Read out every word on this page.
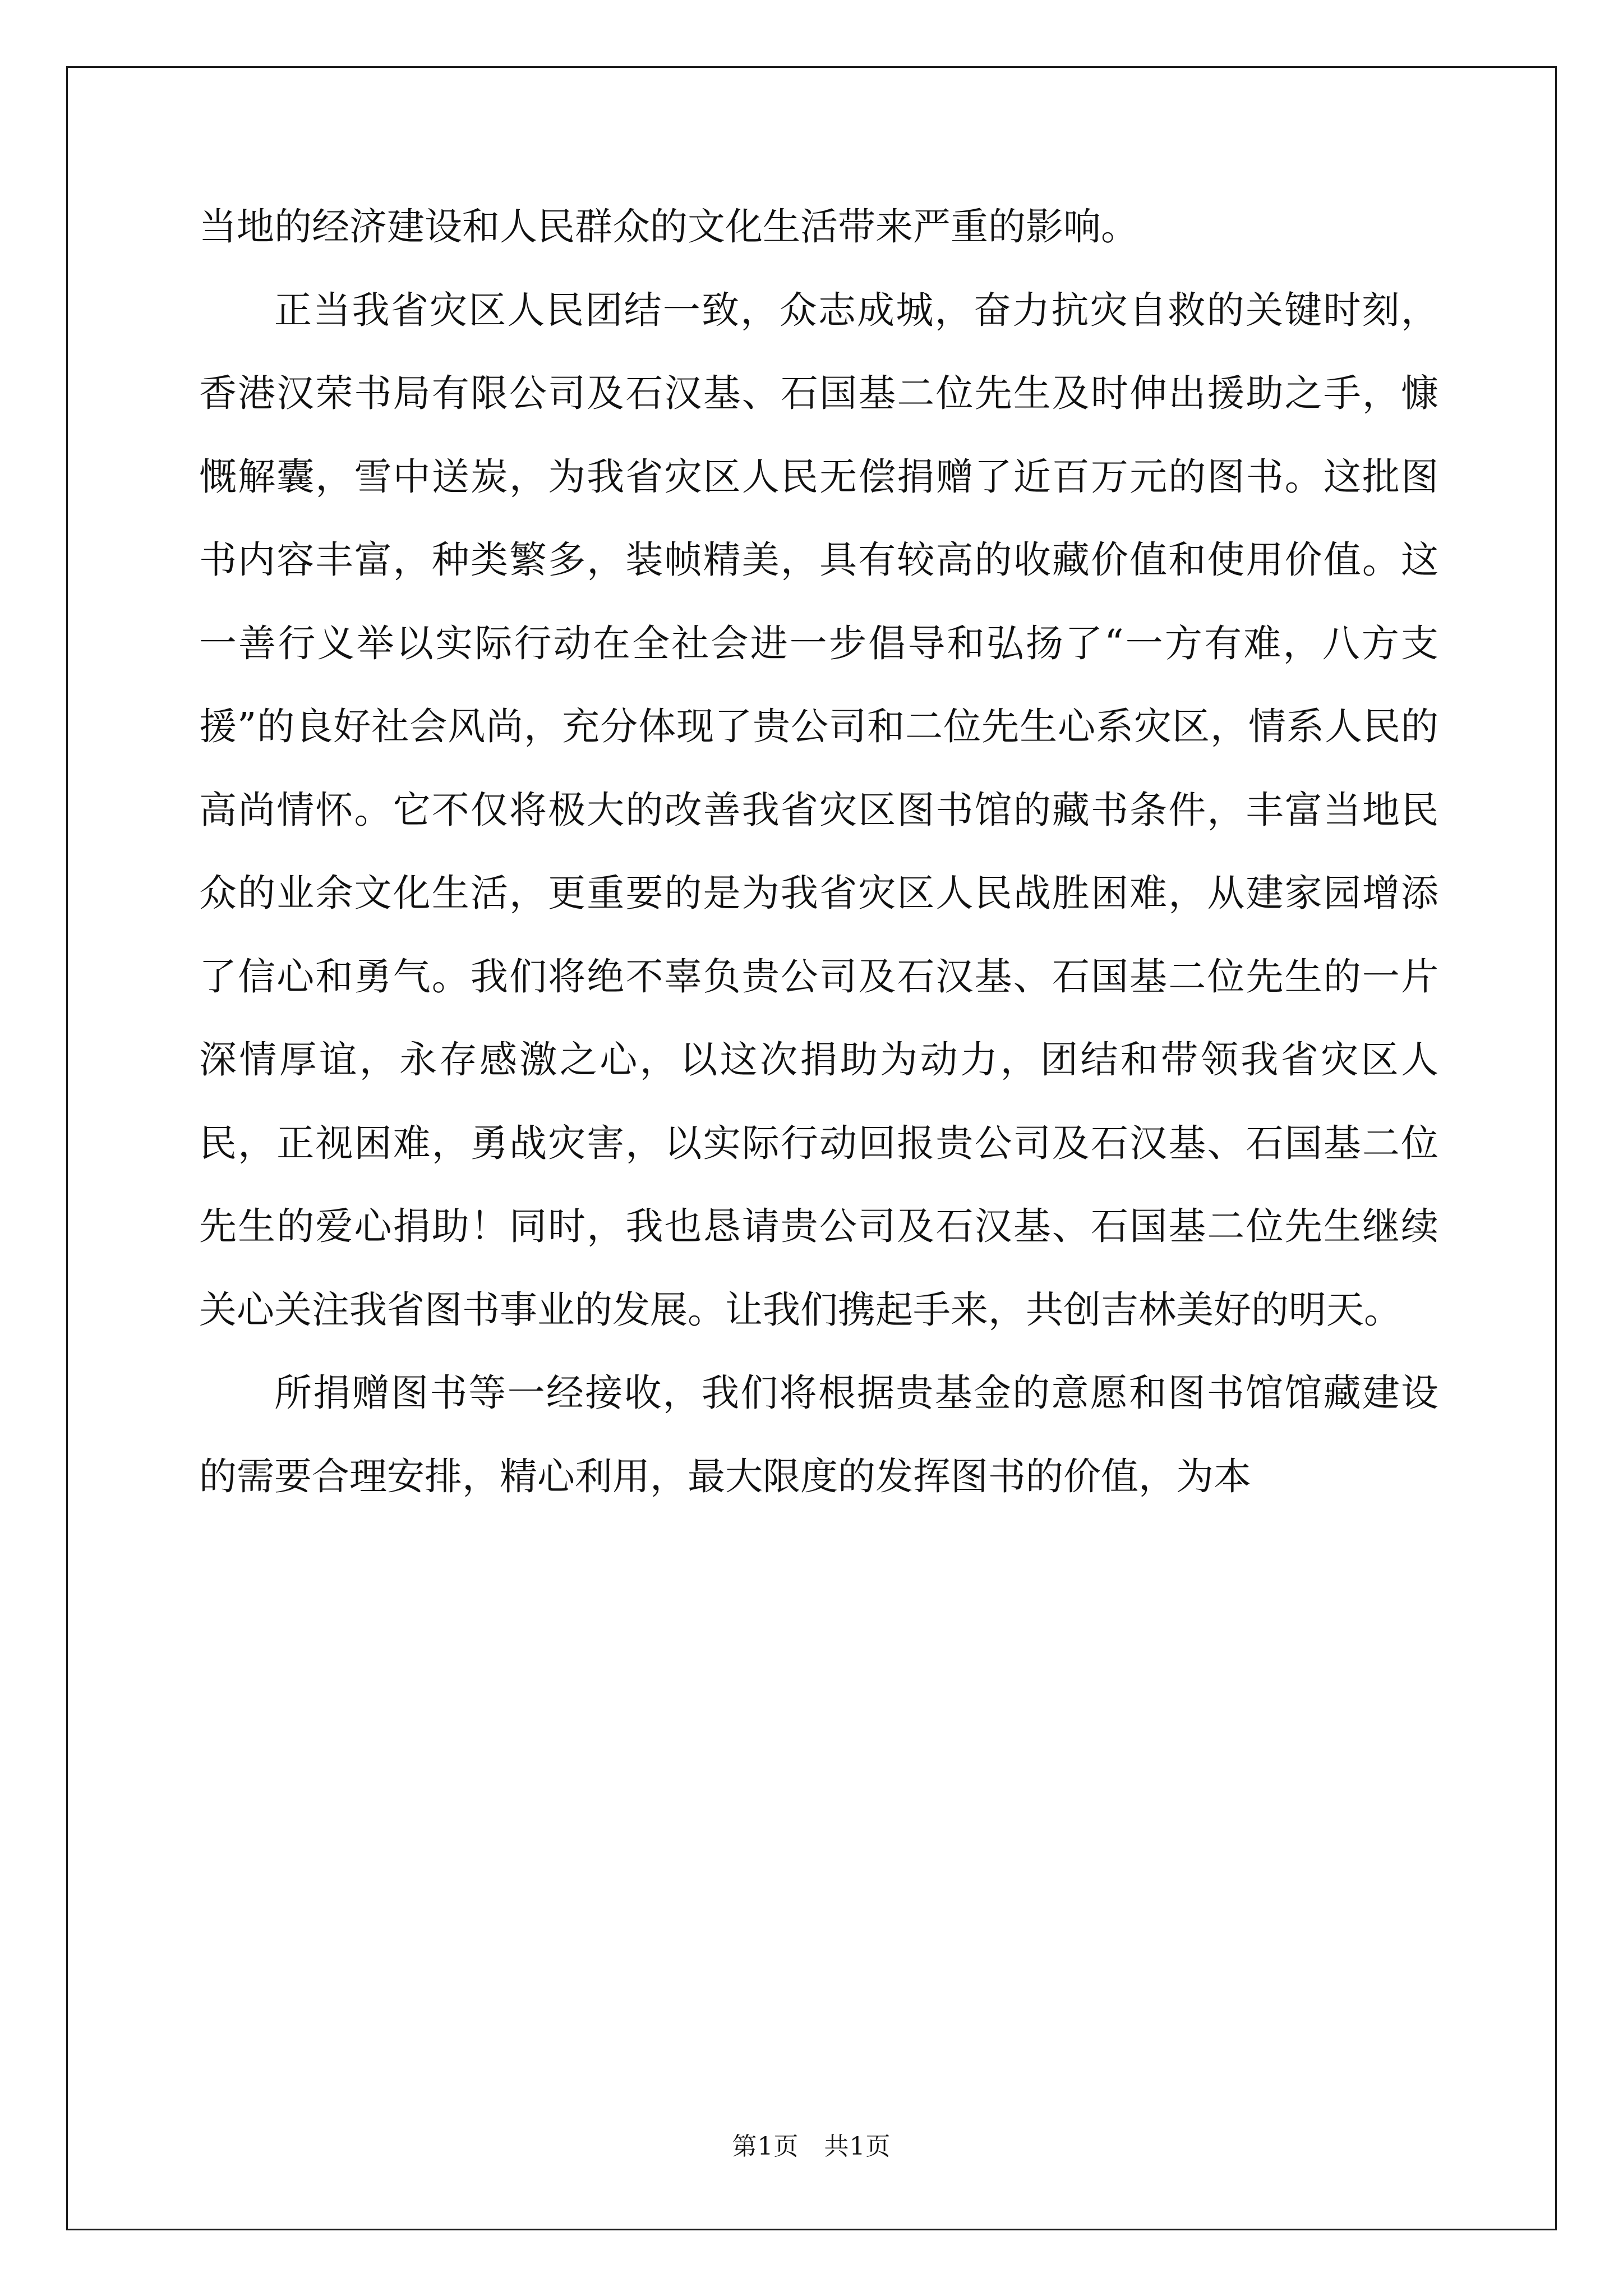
当地的经济建设和人民群众的文化生活带来严重的影响。

正当我省灾区人民团结一致，众志成城，奋力抗灾自救的关键时刻，香港汉荣书局有限公司及石汉基、石国基二位先生及时伸出援助之手，慷慨解囊，雪中送炭，为我省灾区人民无偿捐赠了近百万元的图书。这批图书内容丰富，种类繁多，装帧精美，具有较高的收藏价值和使用价值。这一善行义举以实际行动在全社会进一步倡导和弘扬了“一方有难，八方支援”的良好社会风尚，充分体现了贵公司和二位先生心系灾区，情系人民的高尚情怀。它不仅将极大的改善我省灾区图书馆的藏书条件，丰富当地民众的业余文化生活，更重要的是为我省灾区人民战胜困难，从建家园增添了信心和勇气。我们将绝不辜负贵公司及石汉基、石国基二位先生的一片深情厚谊，永存感激之心，以这次捐助为动力，团结和带领我省灾区人民，正视困难，勇战灾害，以实际行动回报贵公司及石汉基、石国基二位先生的爱心捐助！同时，我也恳请贵公司及石汉基、石国基二位先生继续关心关注我省图书事业的发展。让我们携起手来，共创吉林美好的明天。

所捐赠图书等一经接收，我们将根据贵基金的意愿和图书馆馆藏建设的需要合理安排，精心利用，最大限度的发挥图书的价值，为本

第1页　共1页
